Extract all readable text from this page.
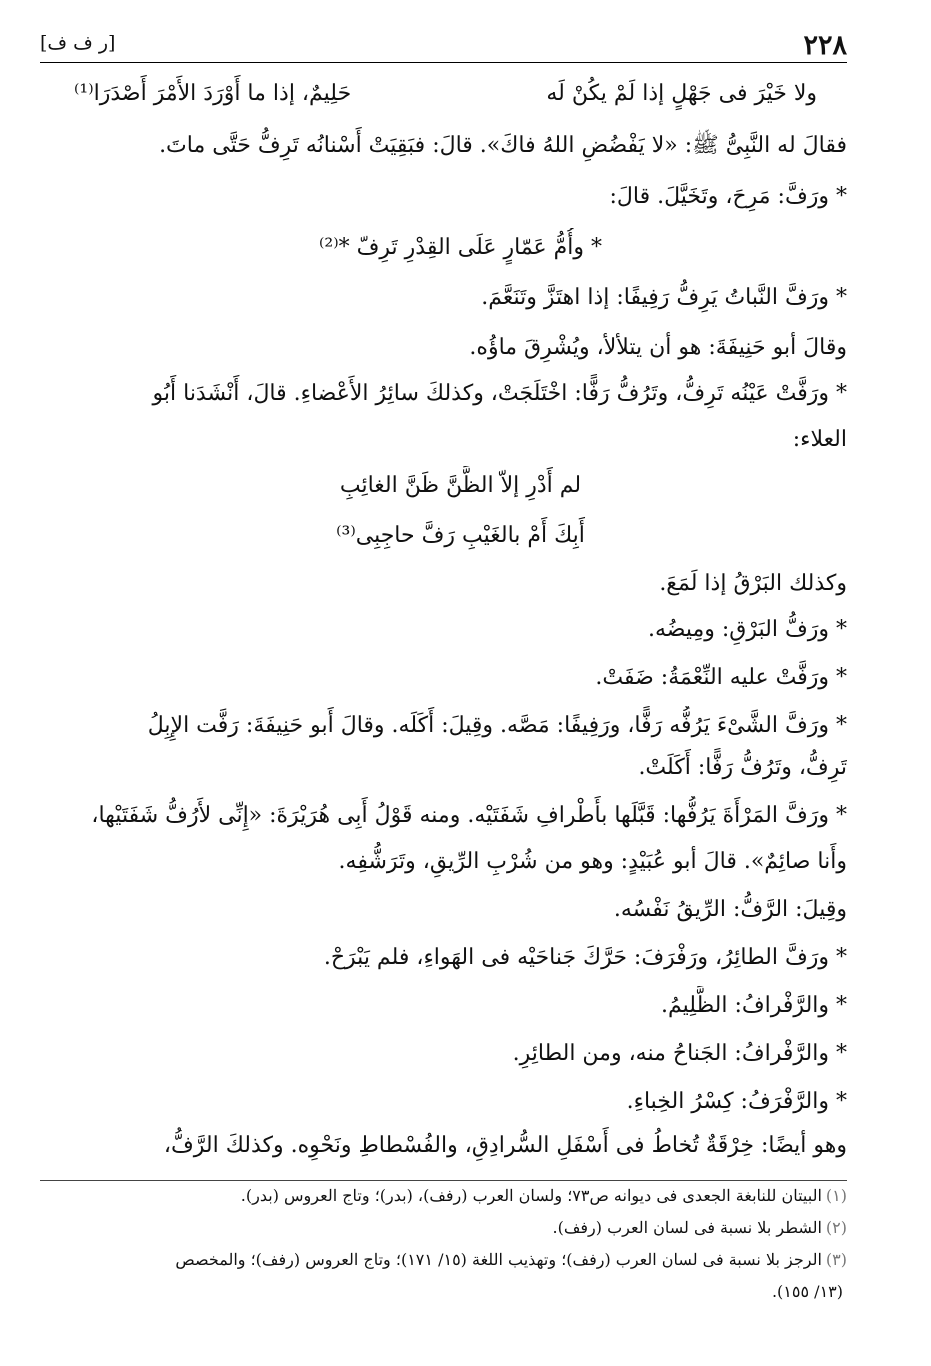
٢٢٨
[ر ف ف]
ولا خَيْرَ فى جَهْلٍ إذا لَمْ يكُنْ لَه
حَلِيمٌ، إذا ما أَوْرَدَ الأَمْرَ أَصْدَرَا⁽¹⁾
فقالَ له النَّبِىُّ ﷺ: «لا يَفْضُضِ اللهُ فاكَ». قالَ: فبَقِيَتْ أَسْنانُه تَرِفُّ حَتَّى ماتَ.
* ورَفَّ: مَرِحَ، وتَخَيَّلَ. قالَ:
* وأُمُّ عَمّارٍ عَلَى القِدْرِ تَرِفّ *⁽²⁾
* ورَفَّ النَّباتُ يَرِفُّ رَفِيفًا: إذا اهتَزَّ وتَنَعَّمَ.
وقالَ أبو حَنِيفَةَ: هو أن يتلألأ، ويُشْرِقَ ماؤُه.
* ورَفَّتْ عَيْنُه تَرِفُّ، وتَرُفُّ رَفًّا: اخْتَلَجَتْ، وكذلكَ سائِرُ الأَعْضاءِ. قالَ، أَنْشَدَنا أَبُو
العلاء:
لم أَدْرِ إلاّ الظَّنَّ ظَنَّ الغائِبِ
أَبِكَ أَمْ بالغَيْبِ رَفَّ حاجِبِى⁽³⁾
وكذلك البَرْقُ إذا لَمَعَ.
* ورَفُّ البَرْقِ: ومِيضُه.
* ورَفَّتْ عليه النِّعْمَةُ: ضَفَتْ.
* ورَفَّ الشَّىْءَ يَرُفُّه رَفًّا، ورَفِيفًا: مَصَّه. وقِيلَ: أَكَلَه. وقالَ أَبو حَنِيفَةَ: رَفَّت الإِبِلُ
تَرِفُّ، وتَرُفُّ رَفًّا: أَكَلَتْ.
* ورَفَّ المَرْأَةَ يَرُفُّها: قَبَّلَها بأَطْرافِ شَفَتَيْه. ومنه قَوْلُ أَبِى هُرَيْرَةَ: «إِنِّى لأَرُفُّ شَفَتَيْها،
وأَنا صائِمٌ». قالَ أبو عُبَيْدٍ: وهو من شُرْبِ الرِّيقِ، وتَرَشُّفِه.
وقِيلَ: الرَّفُّ: الرِّيقُ نَفْسُه.
* ورَفَّ الطائِرُ، ورَفْرَفَ: حَرَّكَ جَناحَيْه فى الهَواءِ، فلم يَبْرَحْ.
* والرَّفْرافُ: الظَّلِيمُ.
* والرَّفْرافُ: الجَناحُ منه، ومن الطائِرِ.
* والرَّفْرَفُ: كِسْرُ الخِباءِ.
وهو أيضًا: خِرْقَةٌ تُخاطُ فى أَسْفَلِ السُّرادِقِ، والفُسْطاطِ ونَحْوِه. وكذلكَ الرَّفُّ،
(١)البيتان للنابغة الجعدى فى ديوانه ص٧٣؛ ولسان العرب (رفف)، (بدر)؛ وتاج العروس (بدر).
(٢)الشطر بلا نسبة فى لسان العرب (رفف).
(٣)الرجز بلا نسبة فى لسان العرب (رفف)؛ وتهذيب اللغة (١٥/ ١٧١)؛ وتاج العروس (رفف)؛ والمخصص
(١٣/ ١٥٥).
